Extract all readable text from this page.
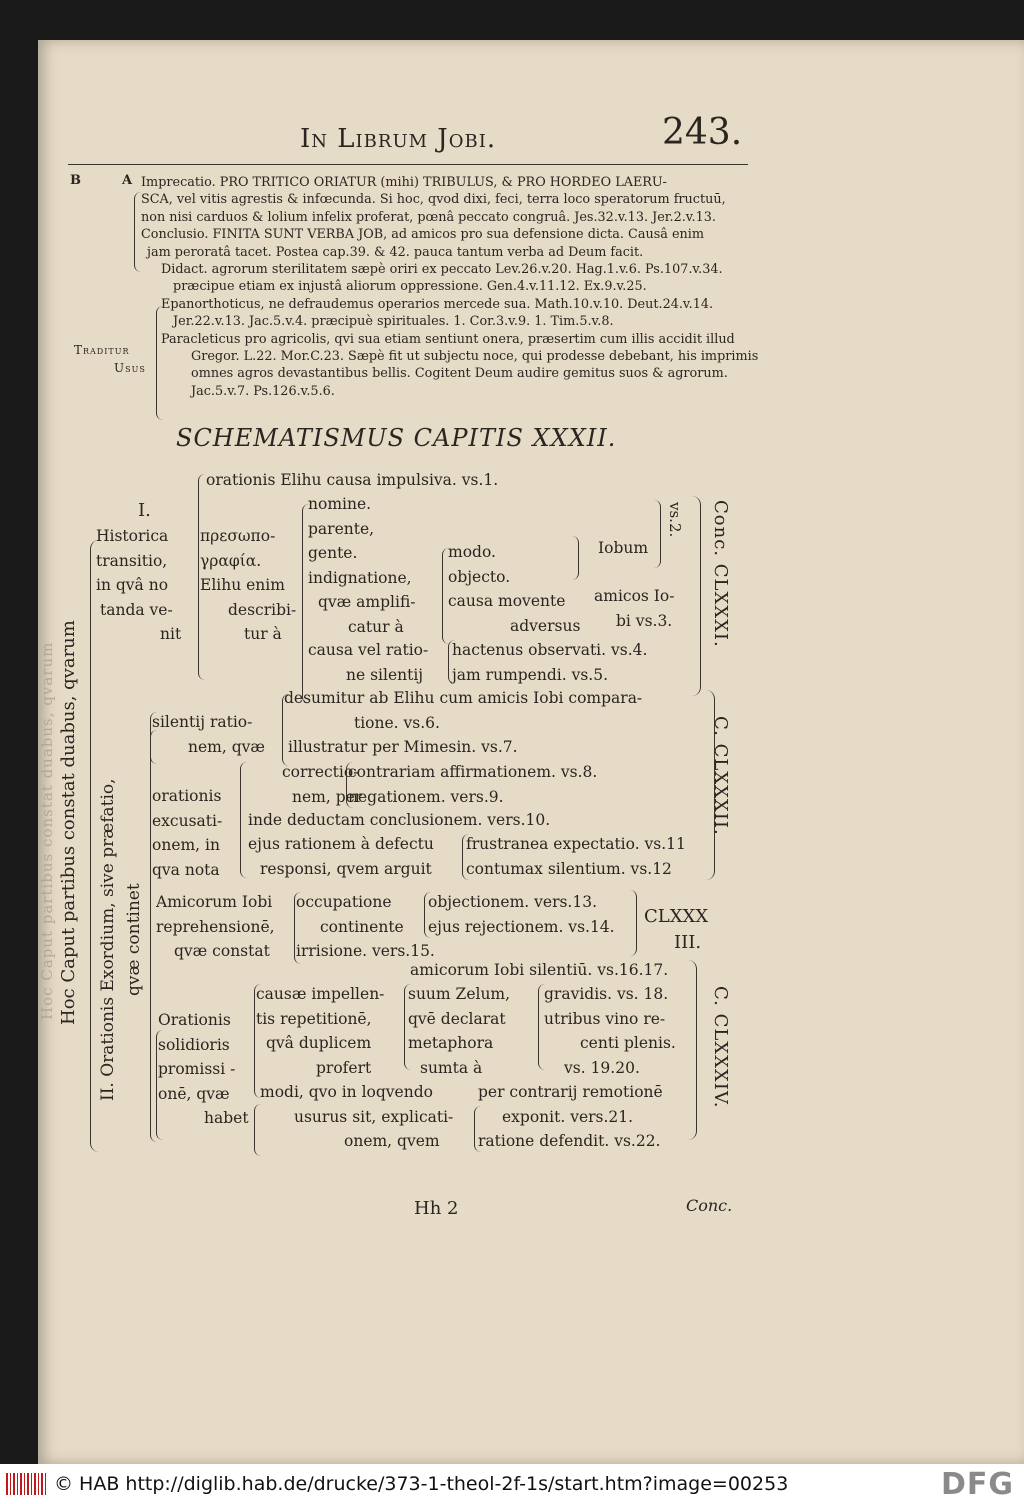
Hoc Caput partibus constat duabus, qvarum
In Librum Jobi.	243.
B	A
Traditur
Usus
Imprecatio. PRO TRITICO ORIATUR (mihi) TRIBULUS, & PRO HORDEO LAERU-
SCA, vel vitis agrestis & infœcunda. Si hoc, qvod dixi, feci, terra loco speratorum fructuū,
non nisi carduos & lolium infelix proferat, pœnâ peccato congruâ. Jes.32.v.13. Jer.2.v.13.
Conclusio. FINITA SUNT VERBA JOB, ad amicos pro sua defensione dicta. Causâ enim
jam peroratâ tacet. Postea cap.39. & 42. pauca tantum verba ad Deum facit.
Didact. agrorum sterilitatem sæpè oriri ex peccato Lev.26.v.20. Hag.1.v.6. Ps.107.v.34.
præcipue etiam ex injustâ aliorum oppressione. Gen.4.v.11.12. Ex.9.v.25.
Epanorthoticus, ne defraudemus operarios mercede sua. Math.10.v.10. Deut.24.v.14.
Jer.22.v.13. Jac.5.v.4. præcipuè spirituales. 1. Cor.3.v.9. 1. Tim.5.v.8.
Paracleticus pro agricolis, qvi sua etiam sentiunt onera, præsertim cum illis accidit illud
Gregor. L.22. Mor.C.23. Sæpè fit ut subjectu noce, qui prodesse debebant, his imprimis
omnes agros devastantibus bellis. Cogitent Deum audire gemitus suos & agrorum.
Jac.5.v.7. Ps.126.v.5.6.
SCHEMATISMUS CAPITIS XXXII.
Hoc Caput partibus constat duabus, qvarum	II. Orationis Exordium, sive præfatio, qvæ continet
I.
Historica
transitio,
in qvâ no
tanda ve-
nit
orationis Elihu causa impulsiva. vs.1.
πρεσωπο-
γραφία.
Elihu enim
describi-
tur à
nomine.
parente,
gente.
indignatione,
qvæ amplifi-
catur à
modo.
objecto.
causa movente
adversus
Iobum
amicos Io-
bi vs.3.
vs.2.
causa vel ratio-
ne silentij
hactenus observati. vs.4.
jam rumpendi. vs.5.
desumitur ab Elihu cum amicis Iobi compara-
tione. vs.6.
illustratur per Mimesin. vs.7.
silentij ratio-
nem, qvæ
orationis
excusati-
onem, in
qva nota
correctio-
nem, per
contrariam affirmationem. vs.8.
negationem. vers.9.
inde deductam conclusionem. vers.10.
ejus rationem à defectu
responsi, qvem arguit
frustranea expectatio. vs.11
contumax silentium. vs.12
Amicorum Iobi
reprehensionē,
qvæ constat
occupatione
continente
irrisione. vers.15.
objectionem. vers.13.
ejus rejectionem. vs.14. CLXXX
III.
amicorum Iobi silentiū. vs.16.17.
Orationis
solidioris
promissi -
onē, qvæ
habet
causæ impellen-
tis repetitionē,
qvâ duplicem
profert
suum Zelum,
qvē declarat
metaphora
sumta à
gravidis. vs. 18.
utribus vino re-
centi plenis.
vs. 19.20.
modi, qvo in loqvendo
usurus sit, explicati-
onem, qvem
per contrarij remotionē
exponit. vers.21.
ratione defendit. vs.22.
Conc. CLXXXI.
C. CLXXXII.
C. CLXXXIV.
Hh 2	Conc.
© HAB http://diglib.hab.de/drucke/373-1-theol-2f-1s/start.htm?image=00253	DFG
